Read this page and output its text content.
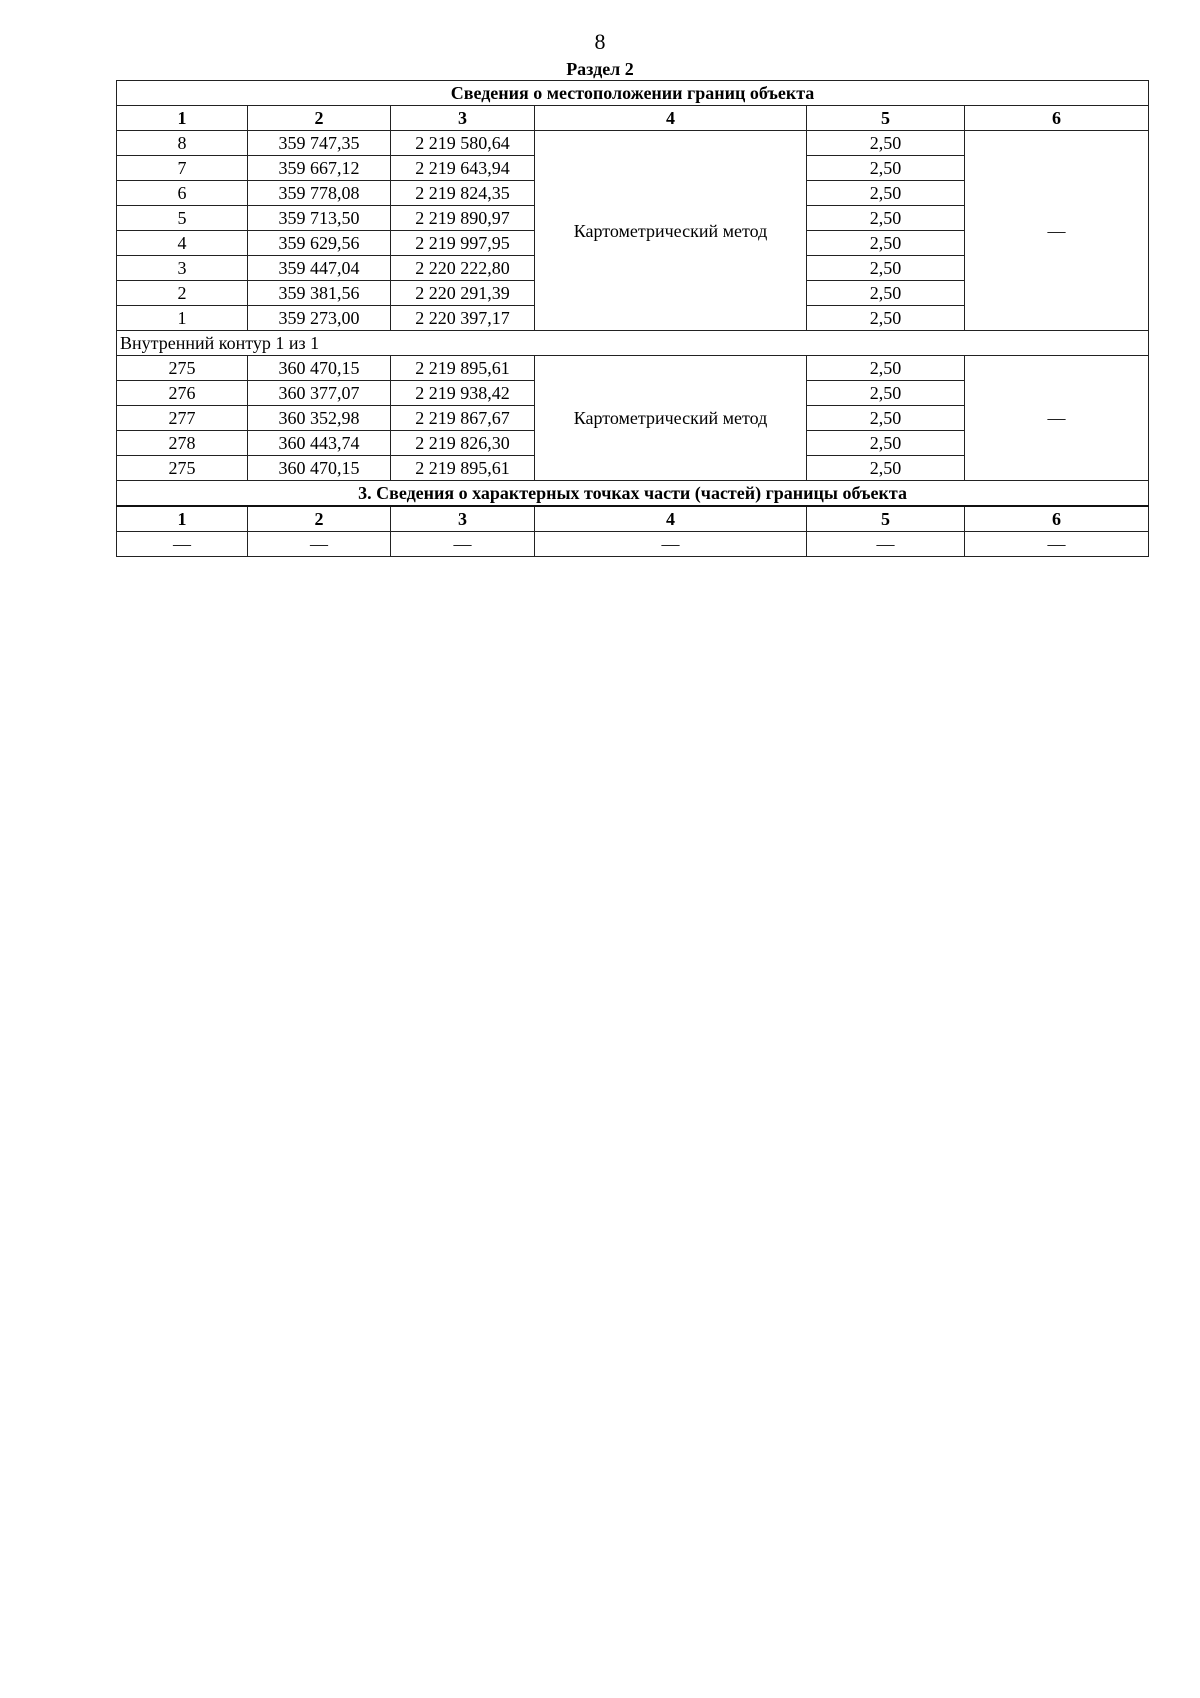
8
Раздел 2
Сведения о местоположении границ объекта					
1	2	3	4	5	6
8	359 747,35	2 219 580,64	Картометрический метод	2,50	—
7	359 667,12	2 219 643,94		2,50	
6	359 778,08	2 219 824,35		2,50	
5	359 713,50	2 219 890,97		2,50	
4	359 629,56	2 219 997,95		2,50	
3	359 447,04	2 220 222,80		2,50	
2	359 381,56	2 220 291,39		2,50	
1	359 273,00	2 220 397,17		2,50	
Внутренний контур 1 из 1					
275	360 470,15	2 219 895,61	Картометрический метод	2,50	—
276	360 377,07	2 219 938,42		2,50	
277	360 352,98	2 219 867,67		2,50	
278	360 443,74	2 219 826,30		2,50	
275	360 470,15	2 219 895,61		2,50	
3. Сведения о характерных точках части (частей) границы объекта					
1	2	3	4	5	6
—	—	—	—	—	—
